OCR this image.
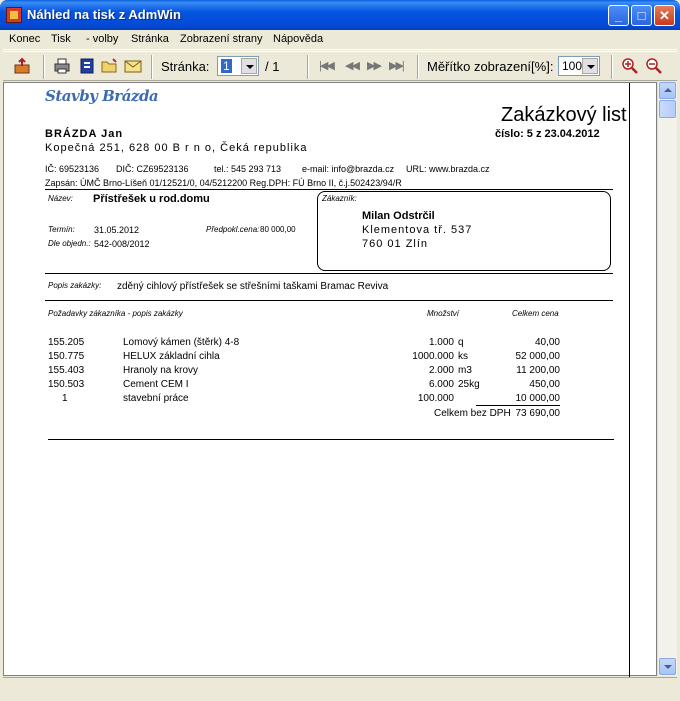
Náhled na tisk z AdmWin	_	□	✕
Konec Tisk - volby Stránka Zobrazení strany Nápověda
Stránka: 1	/ 1	|◀◀ ◀◀ ▶▶ ▶▶| Měřítko zobrazení[%]: 100
Stavby Brázda
Zakázkový list
číslo: 5 z 23.04.2012
BRÁZDA Jan
Kopečná 251, 628 00 B r n o, Čeká republika
IČ: 69523136 DIČ: CZ69523136	tel.: 545 293 713 e-mail: info@brazda.cz URL: www.brazda.cz
Zapsán: ÚMČ Brno-Líšeň 01/12521/0, 04/5212200 Reg.DPH: FÚ Brno II, č.j.502423/94/R
Název: Přístřešek u rod.domu
Termín: 31.05.2012	Předpokl.cena: 80 000,00
Dle objedn.: 542-008/2012
Zákazník:
Milan Odstrčil
Klementova tř. 537
760 01 Zlín
Popis zakázky: zděný cihlový přístřešek se střešními taškami Bramac Reviva
Požadavky zákazníka - popis zakázky	Množství	Celkem cena
155.205	Lomový kámen (štěrk) 4-8	1.000 q	40,00
150.775	HELUX základní cihla	1000.000 ks	52 000,00
155.403	Hranoly na krovy	2.000 m3	11 200,00
150.503	Cement CEM I	6.000 25kg	450,00
1	stavební práce	100.000	10 000,00
Celkem bez DPH 73 690,00
